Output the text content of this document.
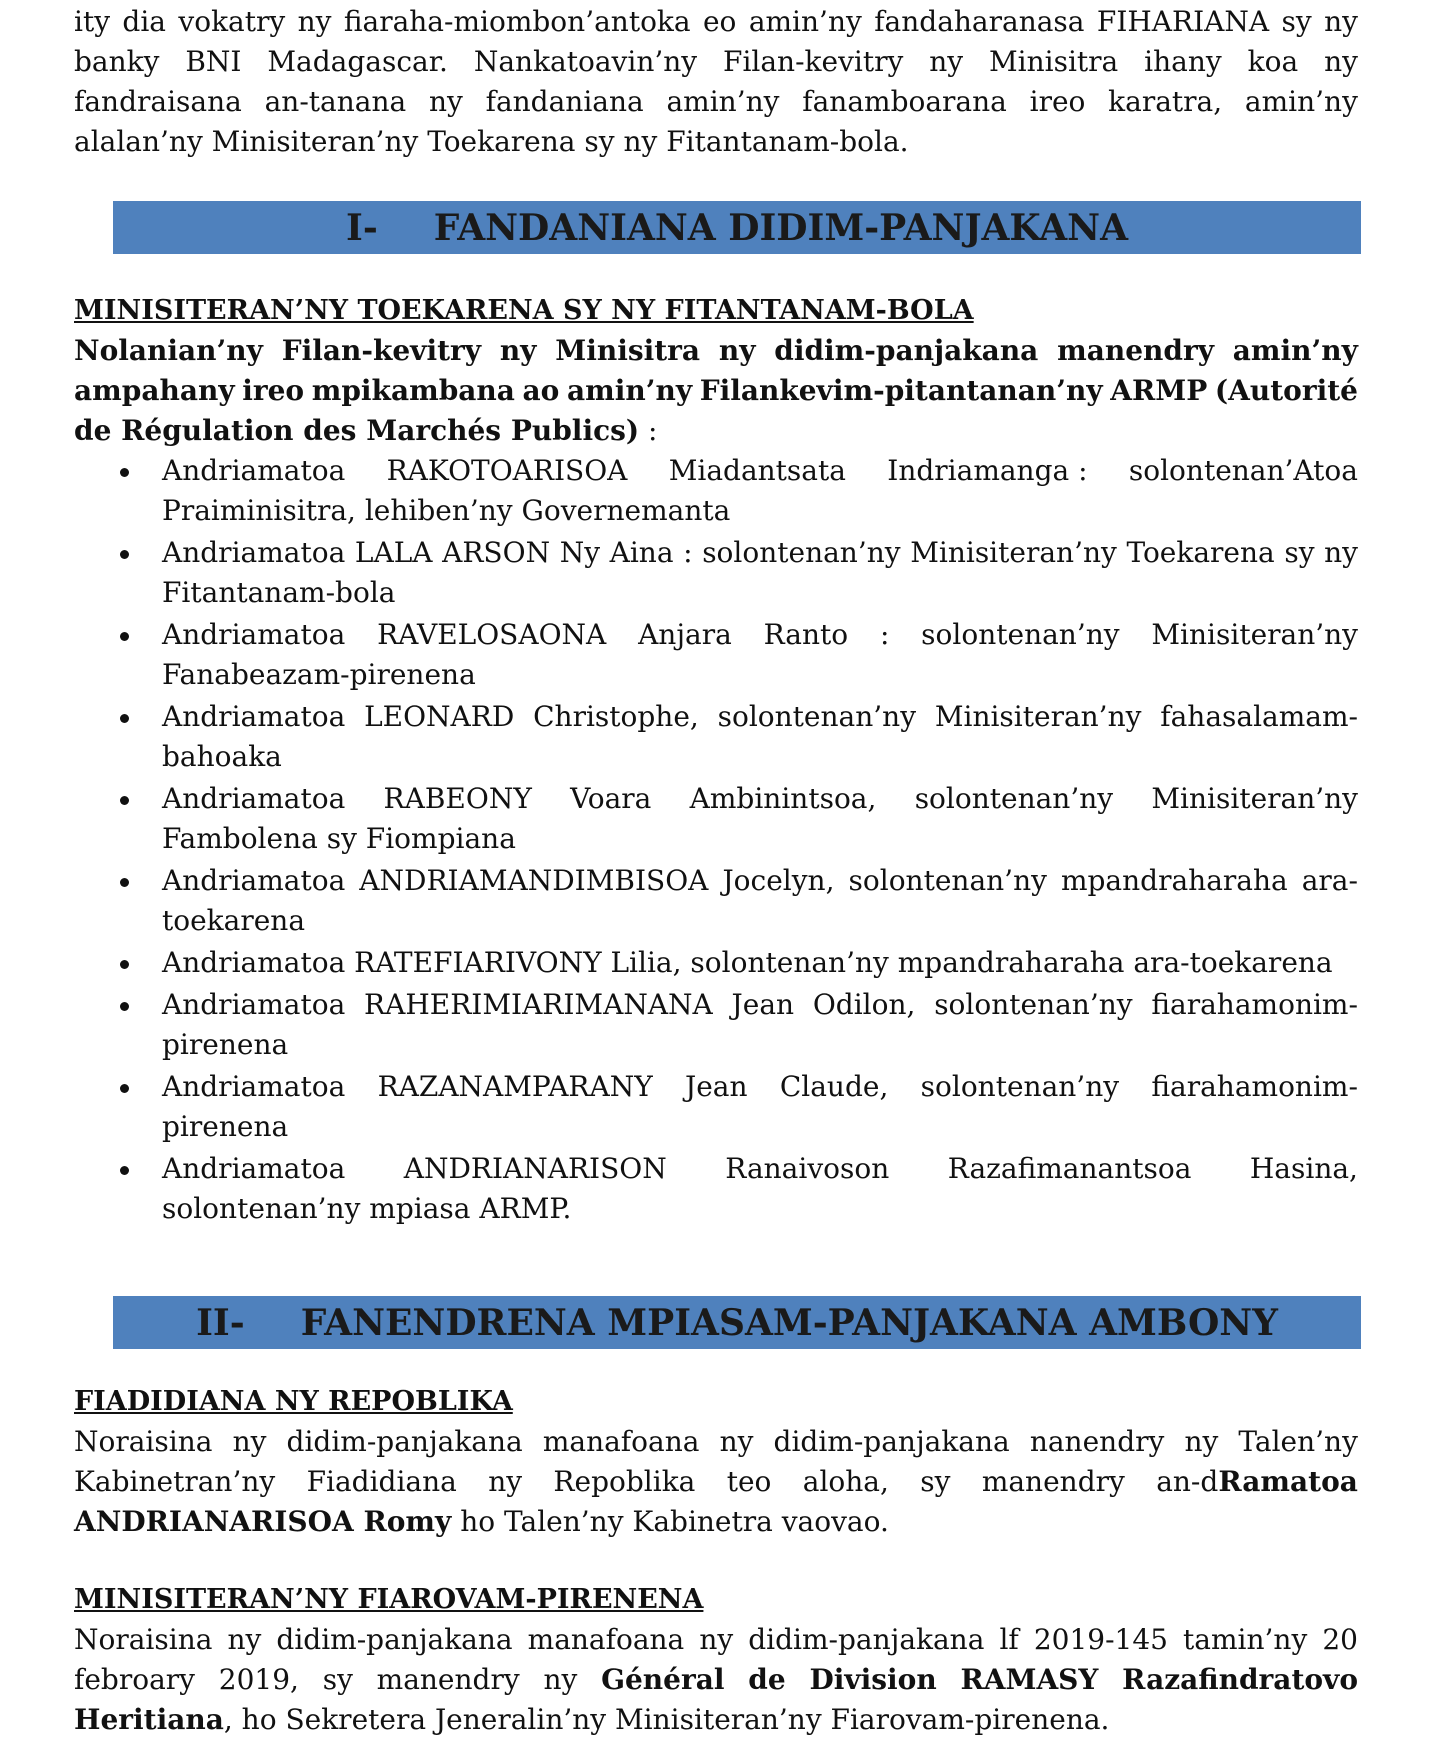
ity dia vokatry ny fiaraha-miombon’antoka eo amin’ny fandaharanasa FIHARIANA sy ny
banky BNI Madagascar. Nankatoavin’ny Filan-kevitry ny Minisitra ihany koa ny
fandraisana an-tanana ny fandaniana amin’ny fanamboarana ireo karatra, amin’ny
alalan’ny Minisiteran’ny Toekarena sy ny Fitantanam-bola.
I- FANDANIANA DIDIM-PANJAKANA
MINISITERAN’NY TOEKARENA SY NY FITANTANAM-BOLA
Nolanian’ny Filan-kevitry ny Minisitra ny didim-panjakana manendry amin’ny
ampahany ireo mpikambana ao amin’ny Filankevim-pitantanan’ny ARMP (Autorité
de Régulation des Marchés Publics) :
Andriamatoa RAKOTOARISOA Miadantsata Indriamanga : solontenan’Atoa
Praiminisitra, lehiben’ny Governemanta
Andriamatoa LALA ARSON Ny Aina : solontenan’ny Minisiteran’ny Toekarena sy ny
Fitantanam-bola
Andriamatoa RAVELOSAONA Anjara Ranto : solontenan’ny Minisiteran’ny
Fanabeazam-pirenena
Andriamatoa LEONARD Christophe, solontenan’ny Minisiteran’ny fahasalamam-
bahoaka
Andriamatoa RABEONY Voara Ambinintsoa, solontenan’ny Minisiteran’ny
Fambolena sy Fiompiana
Andriamatoa ANDRIAMANDIMBISOA Jocelyn, solontenan’ny mpandraharaha ara-
toekarena
Andriamatoa RATEFIARIVONY Lilia, solontenan’ny mpandraharaha ara-toekarena
Andriamatoa RAHERIMIARIMANANA Jean Odilon, solontenan’ny fiarahamonim-
pirenena
Andriamatoa RAZANAMPARANY Jean Claude, solontenan’ny fiarahamonim-
pirenena
Andriamatoa ANDRIANARISON Ranaivoson Razafimanantsoa Hasina,
solontenan’ny mpiasa ARMP.
II- FANENDRENA MPIASAM-PANJAKANA AMBONY
FIADIDIANA NY REPOBLIKA
Noraisina ny didim-panjakana manafoana ny didim-panjakana nanendry ny Talen’ny
Kabinetran’ny Fiadidiana ny Repoblika teo aloha, sy manendry an-dRamatoa
ANDRIANARISOA Romy ho Talen’ny Kabinetra vaovao.
MINISITERAN’NY FIAROVAM-PIRENENA
Noraisina ny didim-panjakana manafoana ny didim-panjakana lf 2019-145 tamin’ny 20
febroary 2019, sy manendry ny Général de Division RAMASY Razafindratovo
Heritiana, ho Sekretera Jeneralin’ny Minisiteran’ny Fiarovam-pirenena.
